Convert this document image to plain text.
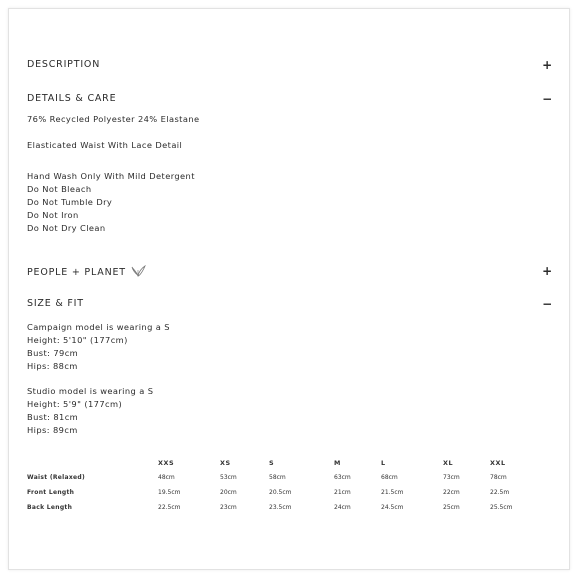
DESCRIPTION	+
DETAILS & CARE	−
76% Recycled Polyester 24% Elastane
Elasticated Waist With Lace Detail
Hand Wash Only With Mild Detergent
Do Not Bleach
Do Not Tumble Dry
Do Not Iron
Do Not Dry Clean
PEOPLE + PLANET	+
SIZE & FIT	−
Campaign model is wearing a S
Height: 5'10" (177cm)
Bust: 79cm
Hips: 88cm
Studio model is wearing a S
Height: 5'9" (177cm)
Bust: 81cm
Hips: 89cm
	XXS	XS	S	M	L	XL	XXL
Waist (Relaxed)	48cm	53cm	58cm	63cm	68cm	73cm	78cm
Front Length	19.5cm	20cm	20.5cm	21cm	21.5cm	22cm	22.5m
Back Length	22.5cm	23cm	23.5cm	24cm	24.5cm	25cm	25.5cm
